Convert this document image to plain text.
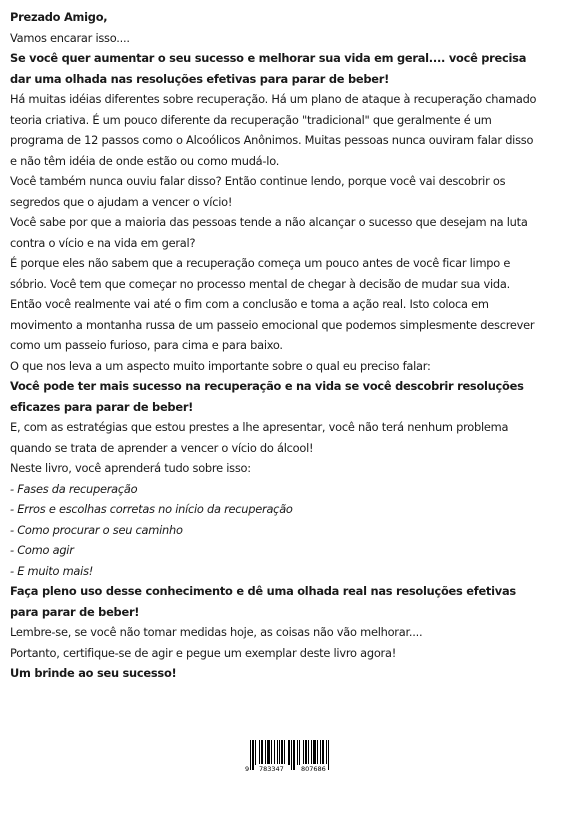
Prezado Amigo,

Vamos encarar isso....

Se você quer aumentar o seu sucesso e melhorar sua vida em geral.... você precisa dar uma olhada nas resoluções efetivas para parar de beber!

Há muitas idéias diferentes sobre recuperação. Há um plano de ataque à recuperação chamado teoria criativa. É um pouco diferente da recuperação "tradicional" que geralmente é um programa de 12 passos como o Alcoólicos Anônimos. Muitas pessoas nunca ouviram falar disso e não têm idéia de onde estão ou como mudá-lo.

Você também nunca ouviu falar disso? Então continue lendo, porque você vai descobrir os segredos que o ajudam a vencer o vício!

Você sabe por que a maioria das pessoas tende a não alcançar o sucesso que desejam na luta contra o vício e na vida em geral?

É porque eles não sabem que a recuperação começa um pouco antes de você ficar limpo e sóbrio. Você tem que começar no processo mental de chegar à decisão de mudar sua vida. Então você realmente vai até o fim com a conclusão e toma a ação real. Isto coloca em movimento a montanha russa de um passeio emocional que podemos simplesmente descrever como um passeio furioso, para cima e para baixo.

O que nos leva a um aspecto muito importante sobre o qual eu preciso falar:

Você pode ter mais sucesso na recuperação e na vida se você descobrir resoluções eficazes para parar de beber!

E, com as estratégias que estou prestes a lhe apresentar, você não terá nenhum problema quando se trata de aprender a vencer o vício do álcool!

Neste livro, você aprenderá tudo sobre isso:

- Fases da recuperação

- Erros e escolhas corretas no início da recuperação

- Como procurar o seu caminho

- Como agir

- E muito mais!

Faça pleno uso desse conhecimento e dê uma olhada real nas resoluções efetivas para parar de beber!

Lembre-se, se você não tomar medidas hoje, as coisas não vão melhorar....

Portanto, certifique-se de agir e pegue um exemplar deste livro agora!

Um brinde ao seu sucesso!

9 783347	807686
